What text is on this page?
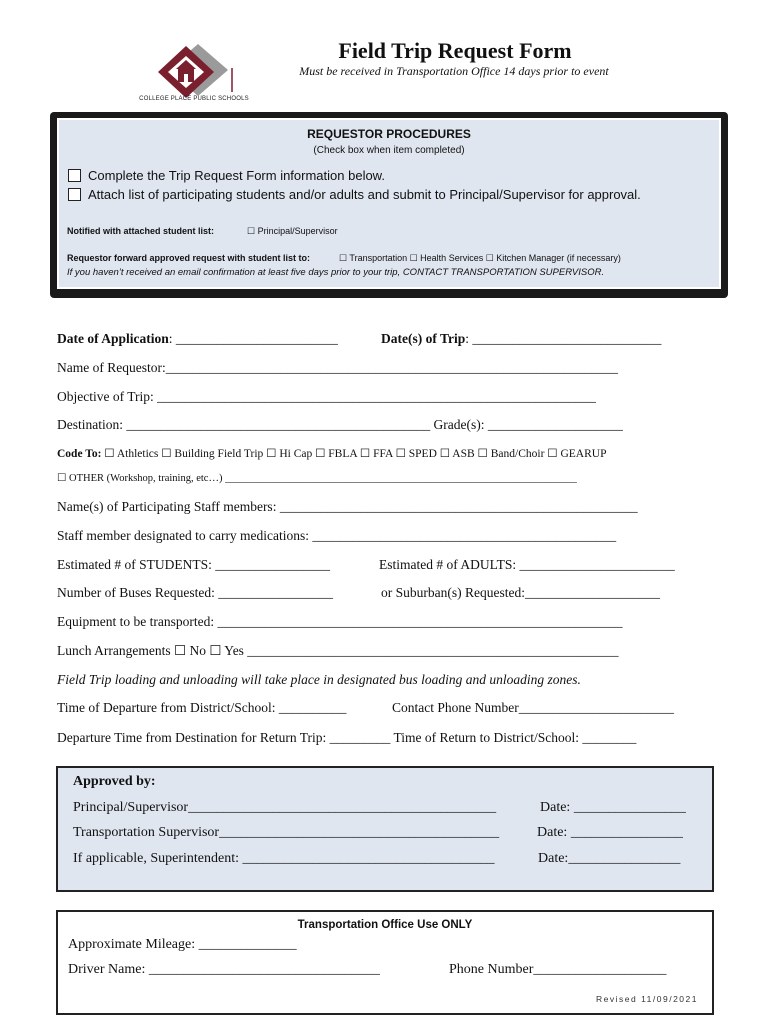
COLLEGE PLACE PUBLIC SCHOOLS
Field Trip Request Form
Must be received in Transportation Office 14 days prior to event
REQUESTOR PROCEDURES
(Check box when item completed)
Complete the Trip Request Form information below.
Attach list of participating students and/or adults and submit to Principal/Supervisor for approval.
Notified with attached student list:	☐ Principal/Supervisor
Requestor forward approved request with student list to:	☐ Transportation ☐ Health Services ☐ Kitchen Manager (if necessary)
If you haven’t received an email confirmation at least five days prior to your trip, CONTACT TRANSPORTATION SUPERVISOR.
Date of Application: ________________________	Date(s) of Trip: ____________________________
Name of Requestor:___________________________________________________________________
Objective of Trip: _________________________________________________________________
Destination: _____________________________________________ Grade(s): ____________________
Code To: ☐ Athletics ☐ Building Field Trip ☐ Hi Cap ☐ FBLA ☐ FFA ☐ SPED ☐ ASB ☐ Band/Choir ☐ GEARUP
☐ OTHER (Workshop, training, etc…) ___________________________________________________________________
Name(s) of Participating Staff members: _____________________________________________________
Staff member designated to carry medications: _____________________________________________
Estimated # of STUDENTS: _________________	Estimated # of ADULTS: _______________________
Number of Buses Requested: _________________	or Suburban(s) Requested:____________________
Equipment to be transported: ____________________________________________________________
Lunch Arrangements ☐ No ☐ Yes _______________________________________________________
Field Trip loading and unloading will take place in designated bus loading and unloading zones.
Time of Departure from District/School: __________	Contact Phone Number_______________________
Departure Time from Destination for Return Trip: _________ Time of Return to District/School: ________
Approved by:
Principal/Supervisor____________________________________________	Date: ________________
Transportation Supervisor________________________________________	Date: ________________
If applicable, Superintendent: ____________________________________	Date:________________
Transportation Office Use ONLY
Approximate Mileage: ______________
Driver Name: _________________________________	Phone Number___________________
Revised 11/09/2021
